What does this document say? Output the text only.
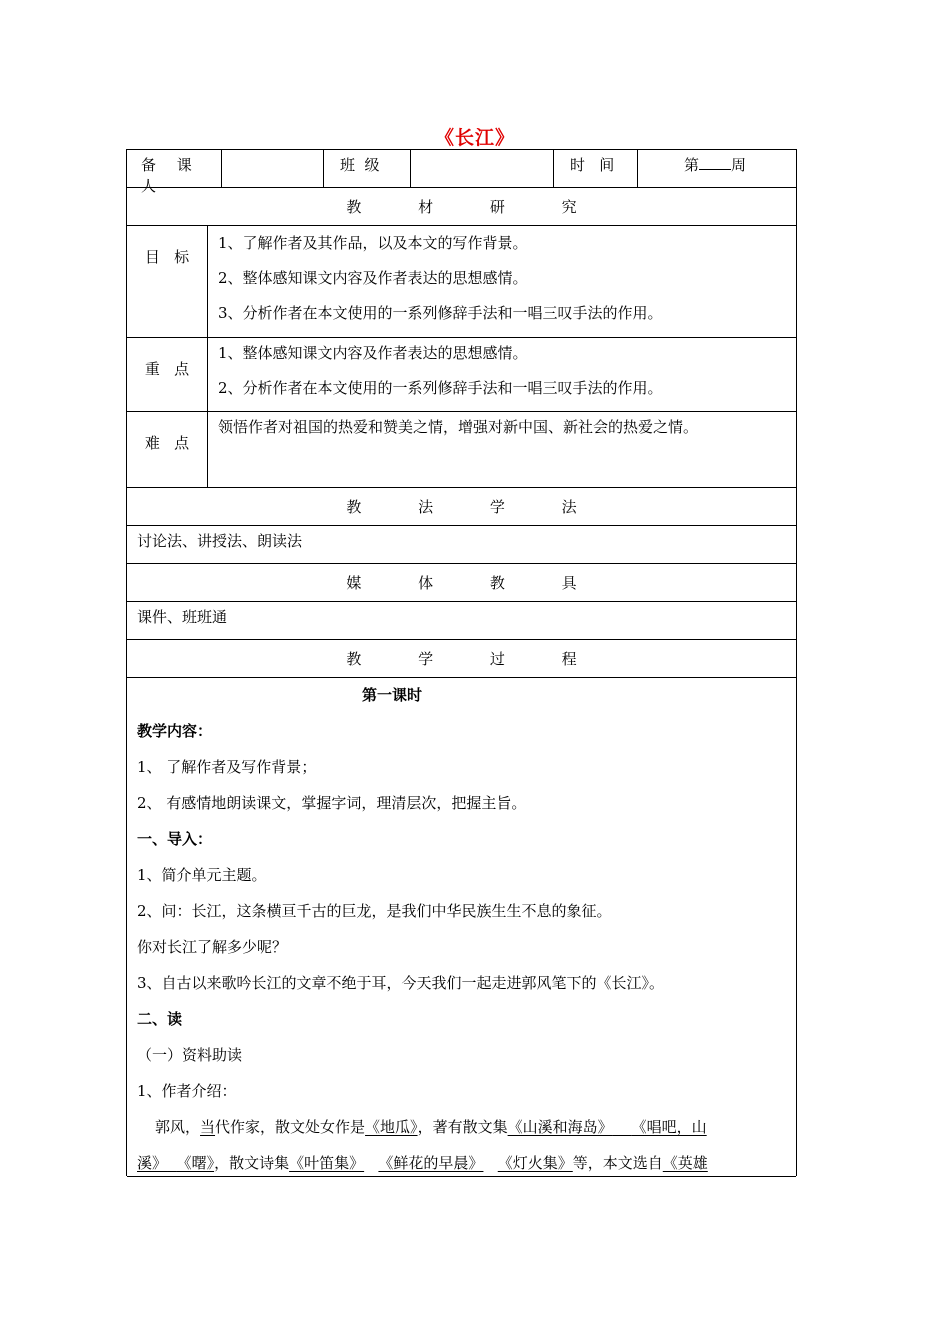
《长江》
备 课 人
班  级	时   间	第 周
教 材 研 究
目   标
1、了解作者及其作品，以及本文的写作背景。
2、整体感知课文内容及作者表达的思想感情。
3、分析作者在本文使用的一系列修辞手法和一唱三叹手法的作用。
重   点
1、整体感知课文内容及作者表达的思想感情。
2、分析作者在本文使用的一系列修辞手法和一唱三叹手法的作用。
难   点
领悟作者对祖国的热爱和赞美之情，增强对新中国、新社会的热爱之情。
教 法 学 法
讨论法、讲授法、朗读法
媒 体 教 具
课件、班班通
教 学 过 程
第一课时
教学内容：
1、 了解作者及写作背景；
2、 有感情地朗读课文，掌握字词，理清层次，把握主旨。
一、导入：
1、简介单元主题。
2、问：长江，这条横亘千古的巨龙，是我们中华民族生生不息的象征。
你对长江了解多少呢？
3、自古以来歌吟长江的文章不绝于耳，今天我们一起走进郭风笔下的《长江》。
二、读
（一）资料助读
1、作者介绍：
郭风，当代作家，散文处女作是《地瓜》，著有散文集《山溪和海岛》 《唱吧，山
溪》 《曙》，散文诗集《叶笛集》 《鲜花的早晨》 《灯火集》等，本文选自《英雄
